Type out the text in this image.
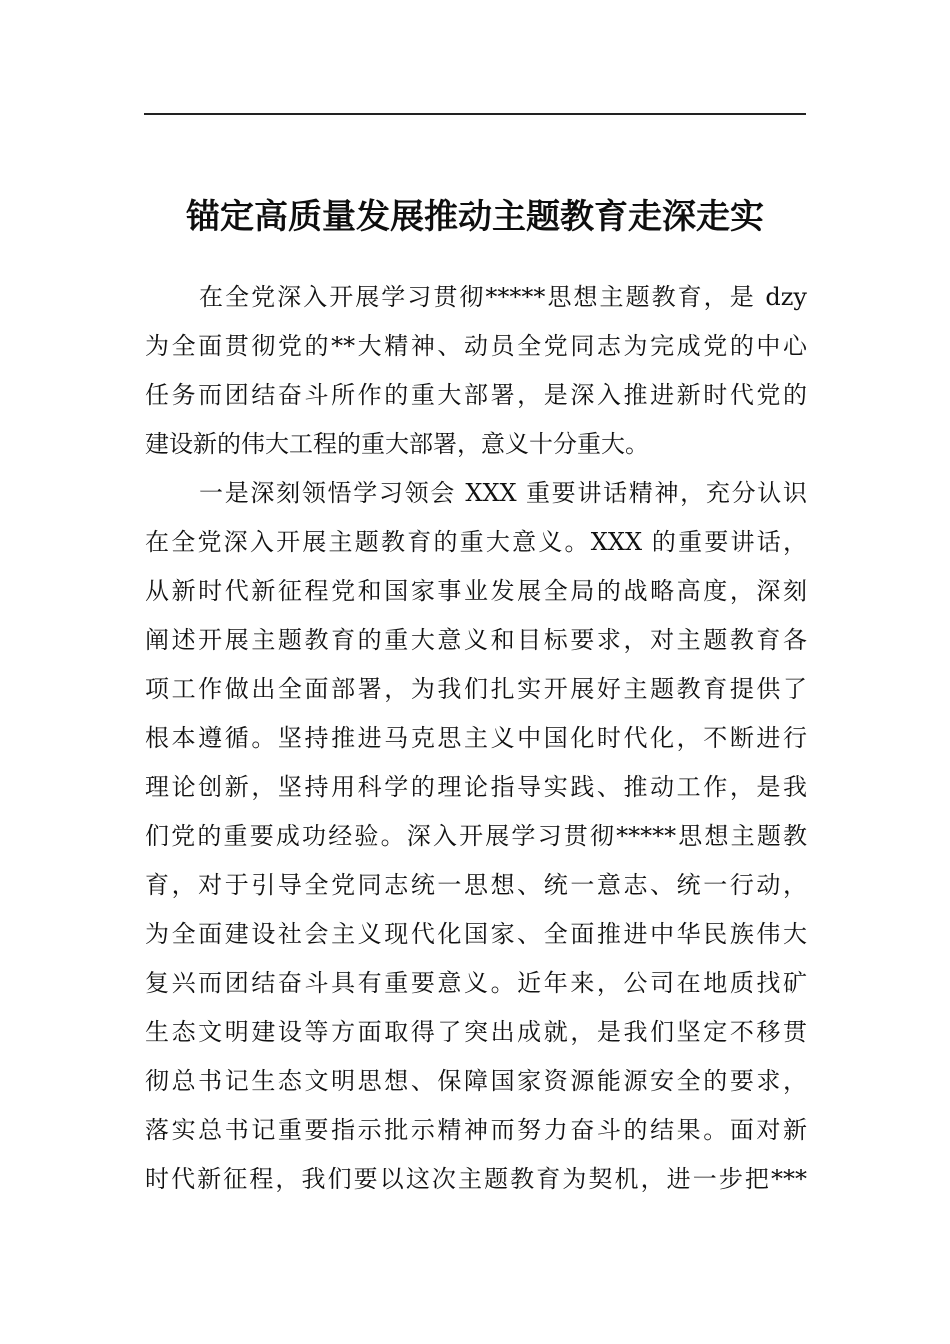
锚定高质量发展推动主题教育走深走实
在全党深入开展学习贯彻*****思想主题教育，是 dzy
为全面贯彻党的**大精神、动员全党同志为完成党的中心
任务而团结奋斗所作的重大部署，是深入推进新时代党的
建设新的伟大工程的重大部署，意义十分重大。
一是深刻领悟学习领会 XXX 重要讲话精神，充分认识
在全党深入开展主题教育的重大意义。XXX 的重要讲话，
从新时代新征程党和国家事业发展全局的战略高度，深刻
阐述开展主题教育的重大意义和目标要求，对主题教育各
项工作做出全面部署，为我们扎实开展好主题教育提供了
根本遵循。坚持推进马克思主义中国化时代化，不断进行
理论创新，坚持用科学的理论指导实践、推动工作，是我
们党的重要成功经验。深入开展学习贯彻*****思想主题教
育，对于引导全党同志统一思想、统一意志、统一行动，
为全面建设社会主义现代化国家、全面推进中华民族伟大
复兴而团结奋斗具有重要意义。近年来，公司在地质找矿
生态文明建设等方面取得了突出成就，是我们坚定不移贯
彻总书记生态文明思想、保障国家资源能源安全的要求，
落实总书记重要指示批示精神而努力奋斗的结果。面对新
时代新征程，我们要以这次主题教育为契机，进一步把***
